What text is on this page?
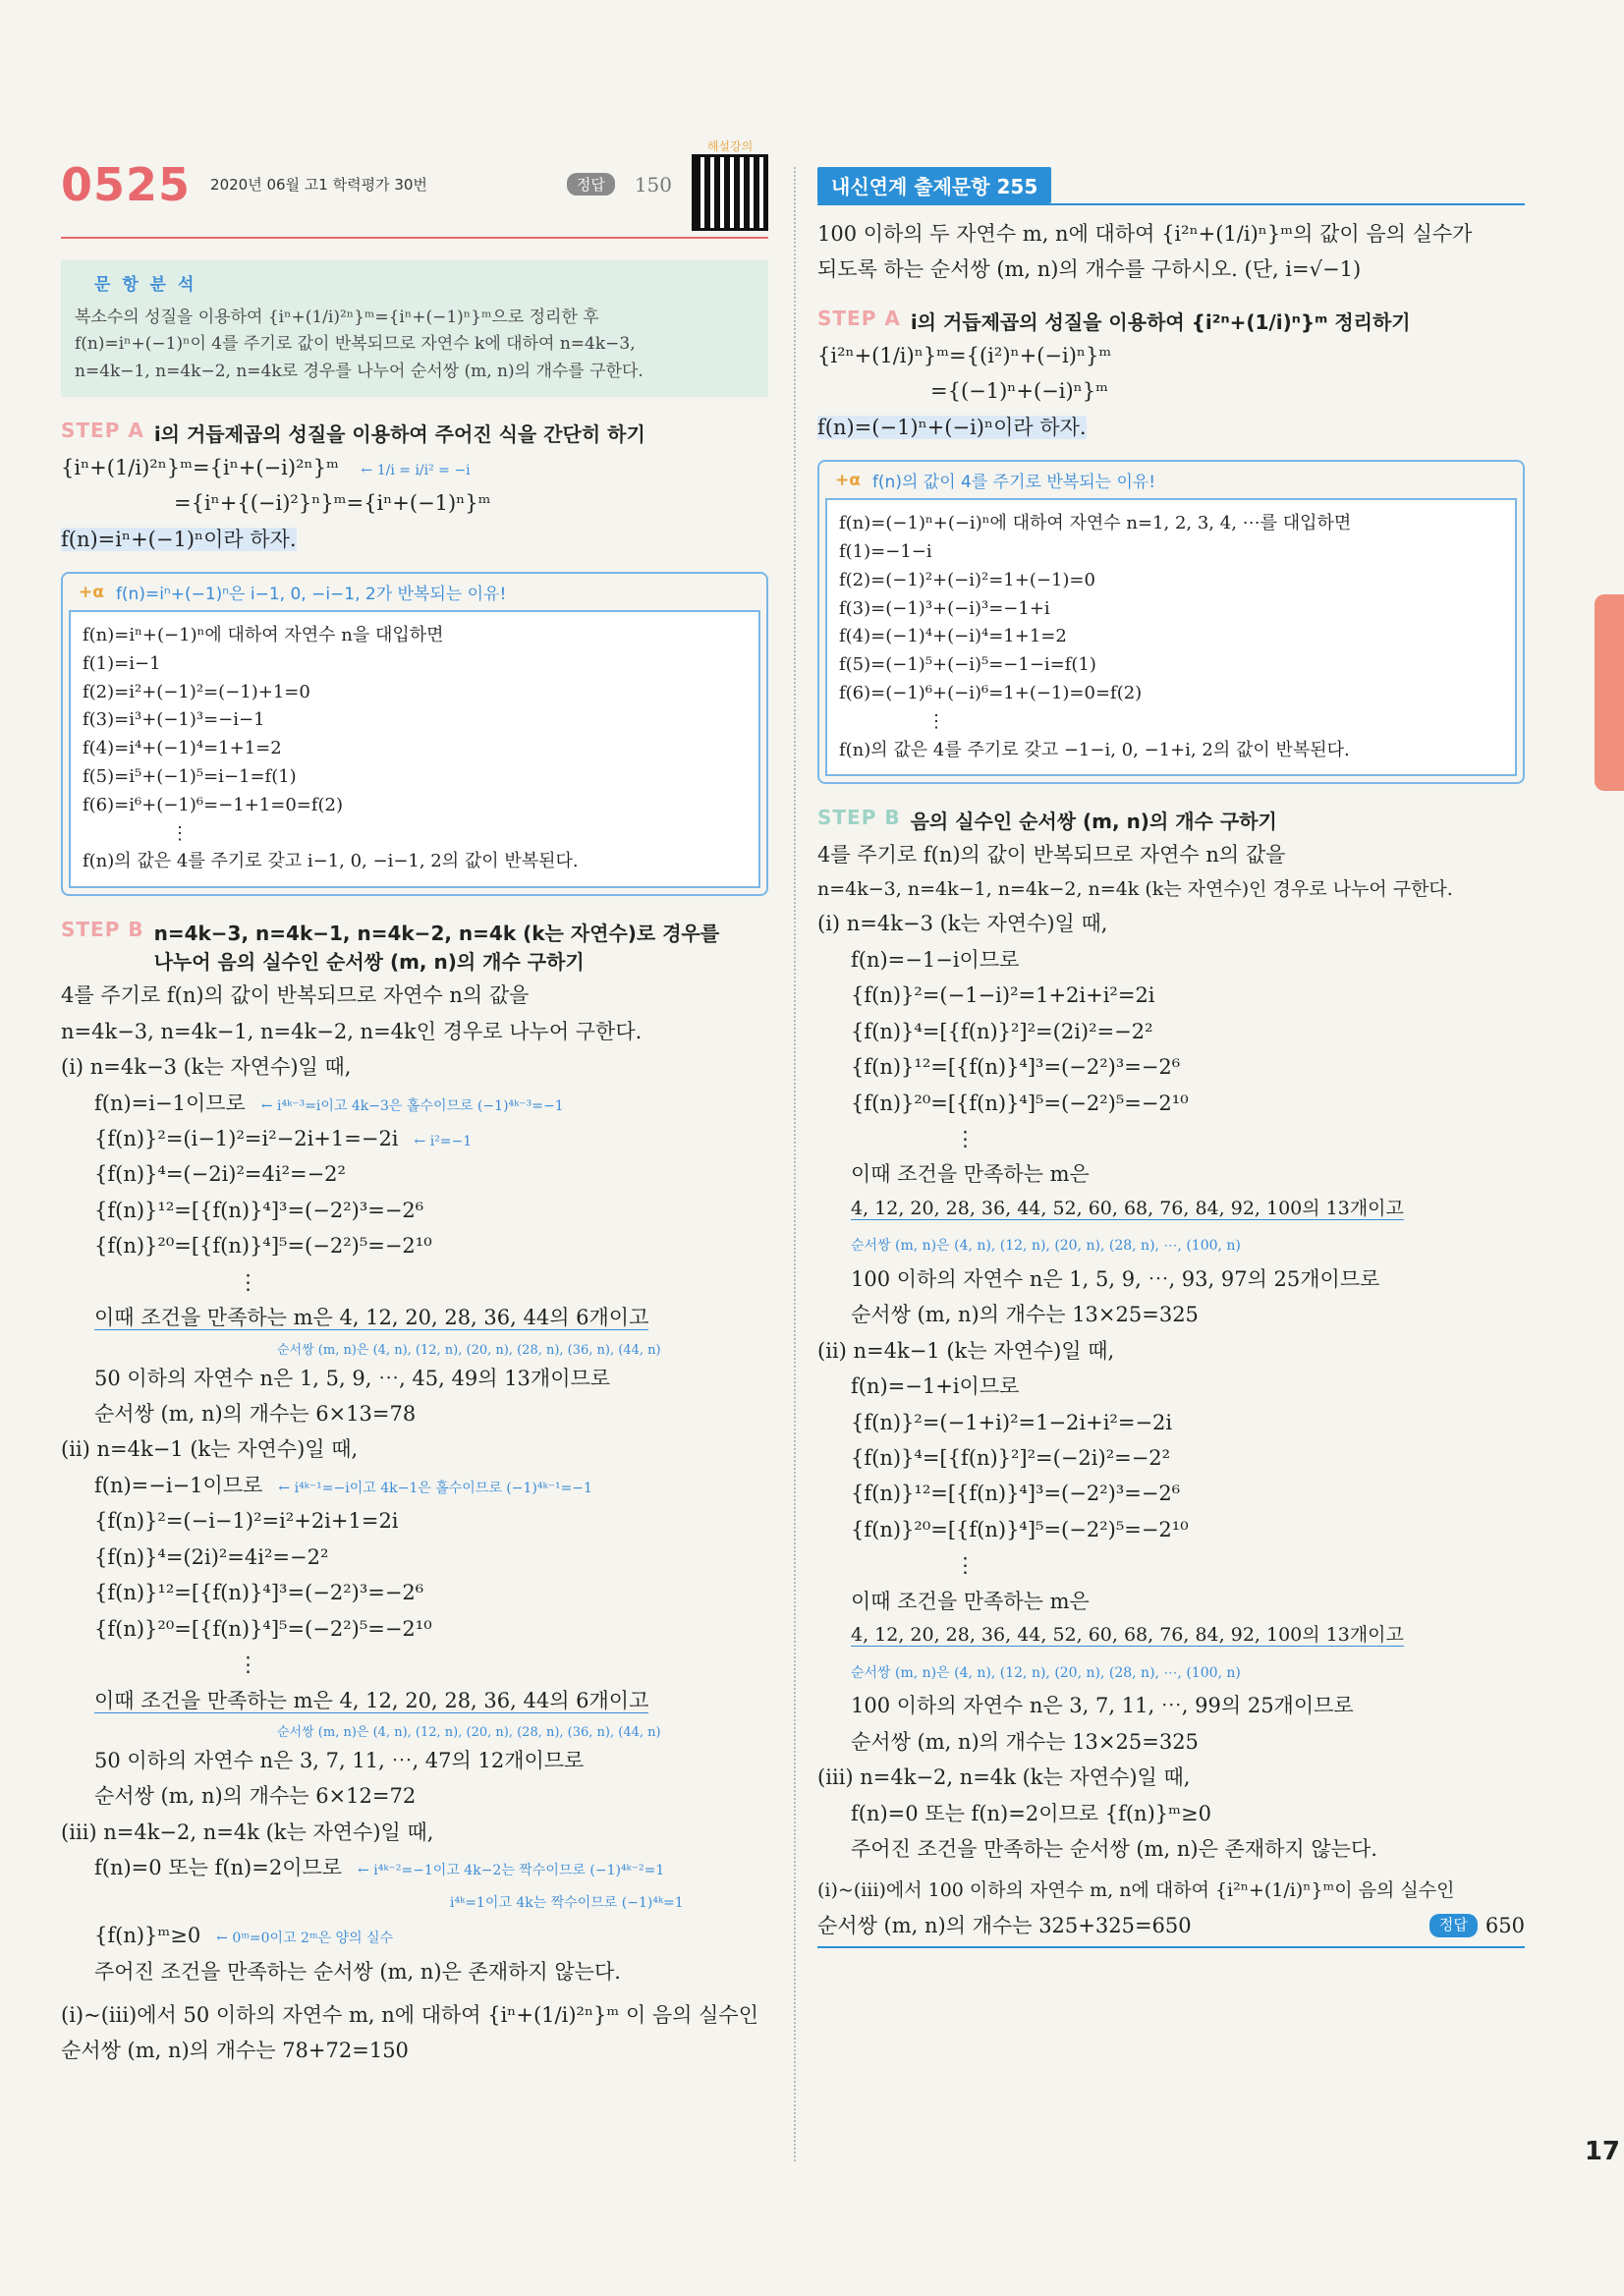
0525 2020년 06월 고1 학력평가 30번	정답	150
해설강의
문 항 분 석
복소수의 성질을 이용하여 {iⁿ+(1/i)²ⁿ}ᵐ={iⁿ+(−1)ⁿ}ᵐ으로 정리한 후
f(n)=iⁿ+(−1)ⁿ이 4를 주기로 값이 반복되므로 자연수 k에 대하여 n=4k−3,
n=4k−1, n=4k−2, n=4k로 경우를 나누어 순서쌍 (m, n)의 개수를 구한다.
STEP A i의 거듭제곱의 성질을 이용하여 주어진 식을 간단히 하기
{iⁿ+(1/i)²ⁿ}ᵐ={iⁿ+(−i)²ⁿ}ᵐ ← 1/i = i/i² = −i
={iⁿ+{(−i)²}ⁿ}ᵐ={iⁿ+(−1)ⁿ}ᵐ
f(n)=iⁿ+(−1)ⁿ이라 하자.
+α f(n)=iⁿ+(−1)ⁿ은 i−1, 0, −i−1, 2가 반복되는 이유!
f(n)=iⁿ+(−1)ⁿ에 대하여 자연수 n을 대입하면
f(1)=i−1
f(2)=i²+(−1)²=(−1)+1=0
f(3)=i³+(−1)³=−i−1
f(4)=i⁴+(−1)⁴=1+1=2
f(5)=i⁵+(−1)⁵=i−1=f(1)
f(6)=i⁶+(−1)⁶=−1+1=0=f(2)
⋮
f(n)의 값은 4를 주기로 갖고 i−1, 0, −i−1, 2의 값이 반복된다.
STEP B n=4k−3, n=4k−1, n=4k−2, n=4k (k는 자연수)로 경우를
나누어 음의 실수인 순서쌍 (m, n)의 개수 구하기
4를 주기로 f(n)의 값이 반복되므로 자연수 n의 값을
n=4k−3, n=4k−1, n=4k−2, n=4k인 경우로 나누어 구한다.
(ⅰ) n=4k−3 (k는 자연수)일 때,
f(n)=i−1이므로 ← i⁴ᵏ⁻³=i이고 4k−3은 홀수이므로 (−1)⁴ᵏ⁻³=−1
{f(n)}²=(i−1)²=i²−2i+1=−2i ← i²=−1
{f(n)}⁴=(−2i)²=4i²=−2²
{f(n)}¹²=[{f(n)}⁴]³=(−2²)³=−2⁶
{f(n)}²⁰=[{f(n)}⁴]⁵=(−2²)⁵=−2¹⁰
⋮
이때 조건을 만족하는 m은 4, 12, 20, 28, 36, 44의 6개이고
순서쌍 (m, n)은 (4, n), (12, n), (20, n), (28, n), (36, n), (44, n)
50 이하의 자연수 n은 1, 5, 9, ⋯, 45, 49의 13개이므로
순서쌍 (m, n)의 개수는 6×13=78
(ⅱ) n=4k−1 (k는 자연수)일 때,
f(n)=−i−1이므로 ← i⁴ᵏ⁻¹=−i이고 4k−1은 홀수이므로 (−1)⁴ᵏ⁻¹=−1
{f(n)}²=(−i−1)²=i²+2i+1=2i
{f(n)}⁴=(2i)²=4i²=−2²
{f(n)}¹²=[{f(n)}⁴]³=(−2²)³=−2⁶
{f(n)}²⁰=[{f(n)}⁴]⁵=(−2²)⁵=−2¹⁰
⋮
이때 조건을 만족하는 m은 4, 12, 20, 28, 36, 44의 6개이고
순서쌍 (m, n)은 (4, n), (12, n), (20, n), (28, n), (36, n), (44, n)
50 이하의 자연수 n은 3, 7, 11, ⋯, 47의 12개이므로
순서쌍 (m, n)의 개수는 6×12=72
(ⅲ) n=4k−2, n=4k (k는 자연수)일 때,
f(n)=0 또는 f(n)=2이므로 ← i⁴ᵏ⁻²=−1이고 4k−2는 짝수이므로 (−1)⁴ᵏ⁻²=1
i⁴ᵏ=1이고 4k는 짝수이므로 (−1)⁴ᵏ=1
{f(n)}ᵐ≥0 ← 0ᵐ=0이고 2ᵐ은 양의 실수
주어진 조건을 만족하는 순서쌍 (m, n)은 존재하지 않는다.
(ⅰ)~(ⅲ)에서 50 이하의 자연수 m, n에 대하여 {iⁿ+(1/i)²ⁿ}ᵐ 이 음의 실수인
순서쌍 (m, n)의 개수는 78+72=150
내신연계 출제문항 255
100 이하의 두 자연수 m, n에 대하여 {i²ⁿ+(1/i)ⁿ}ᵐ의 값이 음의 실수가
되도록 하는 순서쌍 (m, n)의 개수를 구하시오. (단, i=√−1)
STEP A i의 거듭제곱의 성질을 이용하여 {i²ⁿ+(1/i)ⁿ}ᵐ 정리하기
{i²ⁿ+(1/i)ⁿ}ᵐ={(i²)ⁿ+(−i)ⁿ}ᵐ
={(−1)ⁿ+(−i)ⁿ}ᵐ
f(n)=(−1)ⁿ+(−i)ⁿ이라 하자.
+α f(n)의 값이 4를 주기로 반복되는 이유!
f(n)=(−1)ⁿ+(−i)ⁿ에 대하여 자연수 n=1, 2, 3, 4, ⋯를 대입하면
f(1)=−1−i
f(2)=(−1)²+(−i)²=1+(−1)=0
f(3)=(−1)³+(−i)³=−1+i
f(4)=(−1)⁴+(−i)⁴=1+1=2
f(5)=(−1)⁵+(−i)⁵=−1−i=f(1)
f(6)=(−1)⁶+(−i)⁶=1+(−1)=0=f(2)
⋮
f(n)의 값은 4를 주기로 갖고 −1−i, 0, −1+i, 2의 값이 반복된다.
STEP B 음의 실수인 순서쌍 (m, n)의 개수 구하기
4를 주기로 f(n)의 값이 반복되므로 자연수 n의 값을
n=4k−3, n=4k−1, n=4k−2, n=4k (k는 자연수)인 경우로 나누어 구한다.
(ⅰ) n=4k−3 (k는 자연수)일 때,
f(n)=−1−i이므로
{f(n)}²=(−1−i)²=1+2i+i²=2i
{f(n)}⁴=[{f(n)}²]²=(2i)²=−2²
{f(n)}¹²=[{f(n)}⁴]³=(−2²)³=−2⁶
{f(n)}²⁰=[{f(n)}⁴]⁵=(−2²)⁵=−2¹⁰
⋮
이때 조건을 만족하는 m은
4, 12, 20, 28, 36, 44, 52, 60, 68, 76, 84, 92, 100의 13개이고
순서쌍 (m, n)은 (4, n), (12, n), (20, n), (28, n), ⋯, (100, n)
100 이하의 자연수 n은 1, 5, 9, ⋯, 93, 97의 25개이므로
순서쌍 (m, n)의 개수는 13×25=325
(ⅱ) n=4k−1 (k는 자연수)일 때,
f(n)=−1+i이므로
{f(n)}²=(−1+i)²=1−2i+i²=−2i
{f(n)}⁴=[{f(n)}²]²=(−2i)²=−2²
{f(n)}¹²=[{f(n)}⁴]³=(−2²)³=−2⁶
{f(n)}²⁰=[{f(n)}⁴]⁵=(−2²)⁵=−2¹⁰
⋮
이때 조건을 만족하는 m은
4, 12, 20, 28, 36, 44, 52, 60, 68, 76, 84, 92, 100의 13개이고
순서쌍 (m, n)은 (4, n), (12, n), (20, n), (28, n), ⋯, (100, n)
100 이하의 자연수 n은 3, 7, 11, ⋯, 99의 25개이므로
순서쌍 (m, n)의 개수는 13×25=325
(ⅲ) n=4k−2, n=4k (k는 자연수)일 때,
f(n)=0 또는 f(n)=2이므로 {f(n)}ᵐ≥0
주어진 조건을 만족하는 순서쌍 (m, n)은 존재하지 않는다.
(ⅰ)~(ⅲ)에서 100 이하의 자연수 m, n에 대하여 {i²ⁿ+(1/i)ⁿ}ᵐ이 음의 실수인
순서쌍 (m, n)의 개수는 325+325=650	정답 650
17
